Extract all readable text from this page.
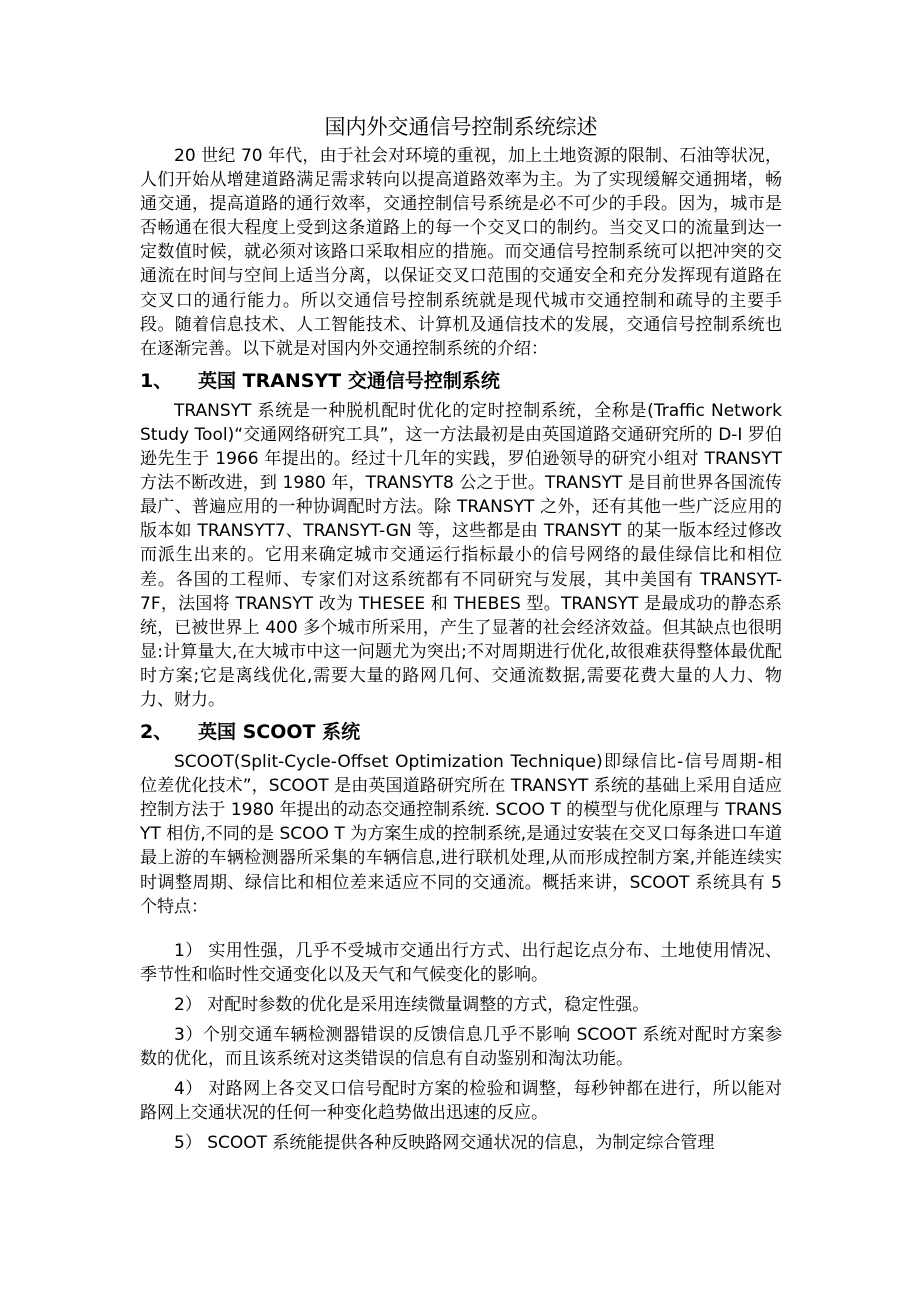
国内外交通信号控制系统综述

20 世纪 70 年代，由于社会对环境的重视，加上土地资源的限制、石油等状况，人们开始从增建道路满足需求转向以提高道路效率为主。为了实现缓解交通拥堵，畅通交通，提高道路的通行效率，交通控制信号系统是必不可少的手段。因为，城市是否畅通在很大程度上受到这条道路上的每一个交叉口的制约。当交叉口的流量到达一定数值时候，就必须对该路口采取相应的措施。而交通信号控制系统可以把冲突的交通流在时间与空间上适当分离，以保证交叉口范围的交通安全和充分发挥现有道路在交叉口的通行能力。所以交通信号控制系统就是现代城市交通控制和疏导的主要手段。随着信息技术、人工智能技术、计算机及通信技术的发展，交通信号控制系统也在逐渐完善。以下就是对国内外交通控制系统的介绍：

1、 英国 TRANSYT 交通信号控制系统

TRANSYT 系统是一种脱机配时优化的定时控制系统，全称是(Traffic Network Study Tool)“交通网络研究工具”，这一方法最初是由英国道路交通研究所的 D-I 罗伯逊先生于 1966 年提出的。经过十几年的实践，罗伯逊领导的研究小组对 TRANSYT 方法不断改进，到 1980 年，TRANSYT8 公之于世。TRANSYT 是目前世界各国流传最广、普遍应用的一种协调配时方法。除 TRANSYT 之外，还有其他一些广泛应用的版本如 TRANSYT7、TRANSYT-GN 等，这些都是由 TRANSYT 的某一版本经过修改而派生出来的。它用来确定城市交通运行指标最小的信号网络的最佳绿信比和相位差。各国的工程师、专家们对这系统都有不同研究与发展，其中美国有 TRANSYT-7F，法国将 TRANSYT 改为 THESEE 和 THEBES 型。TRANSYT 是最成功的静态系统，已被世界上 400 多个城市所采用，产生了显著的社会经济效益。但其缺点也很明显:计算量大,在大城市中这一问题尤为突出;不对周期进行优化,故很难获得整体最优配时方案;它是离线优化,需要大量的路网几何、交通流数据,需要花费大量的人力、物力、财力。

2、 英国 SCOOT 系统

SCOOT(Split-Cycle-Offset Optimization Technique)即绿信比-信号周期-相位差优化技术”，SCOOT 是由英国道路研究所在 TRANSYT 系统的基础上采用自适应控制方法于 1980 年提出的动态交通控制系统. SCOO T 的模型与优化原理与 TRANS YT 相仿,不同的是 SCOO T 为方案生成的控制系统,是通过安装在交叉口每条进口车道最上游的车辆检测器所采集的车辆信息,进行联机处理,从而形成控制方案,并能连续实时调整周期、绿信比和相位差来适应不同的交通流。概括来讲，SCOOT 系统具有 5 个特点：

1） 实用性强，几乎不受城市交通出行方式、出行起讫点分布、土地使用情况、季节性和临时性交通变化以及天气和气候变化的影响。

2） 对配时参数的优化是采用连续微量调整的方式，稳定性强。

3）个别交通车辆检测器错误的反馈信息几乎不影响 SCOOT 系统对配时方案参数的优化，而且该系统对这类错误的信息有自动鉴别和淘汰功能。

4） 对路网上各交叉口信号配时方案的检验和调整，每秒钟都在进行，所以能对路网上交通状况的任何一种变化趋势做出迅速的反应。

5） SCOOT 系统能提供各种反映路网交通状况的信息，为制定综合管理
